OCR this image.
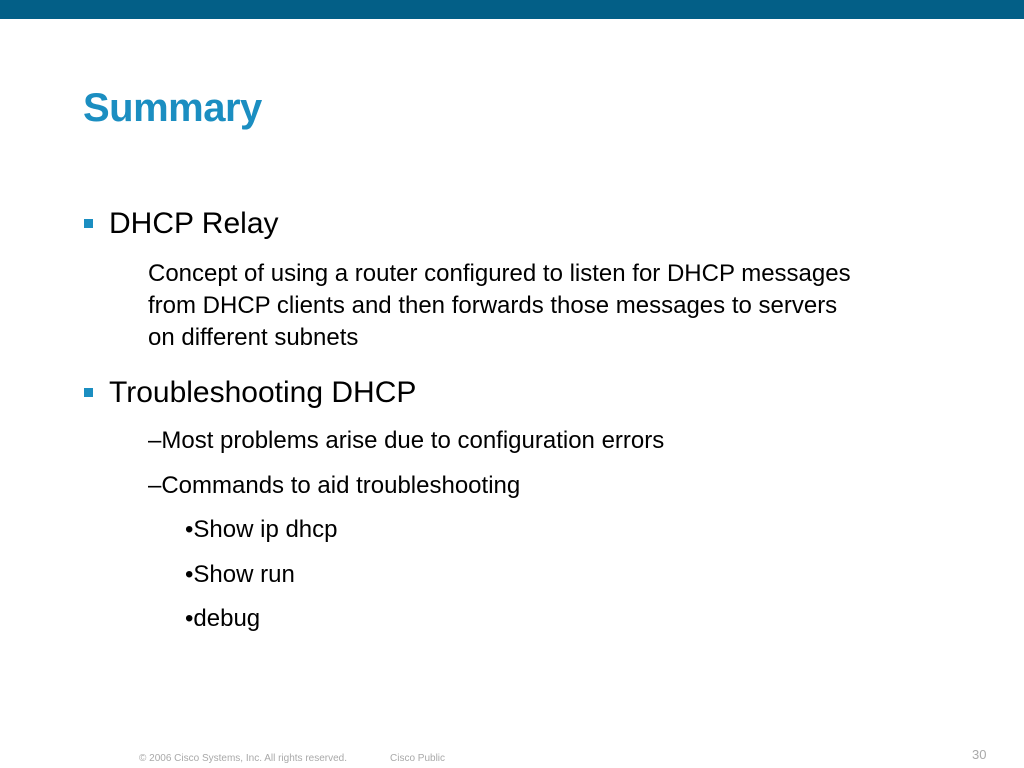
Summary
DHCP Relay
Concept of using a router configured to listen for DHCP messages from DHCP clients and then forwards those messages to servers on different subnets
Troubleshooting DHCP
–Most problems arise due to configuration errors
–Commands to aid troubleshooting
•Show ip dhcp
•Show run
•debug
© 2006 Cisco Systems, Inc. All rights reserved.	Cisco Public	30
